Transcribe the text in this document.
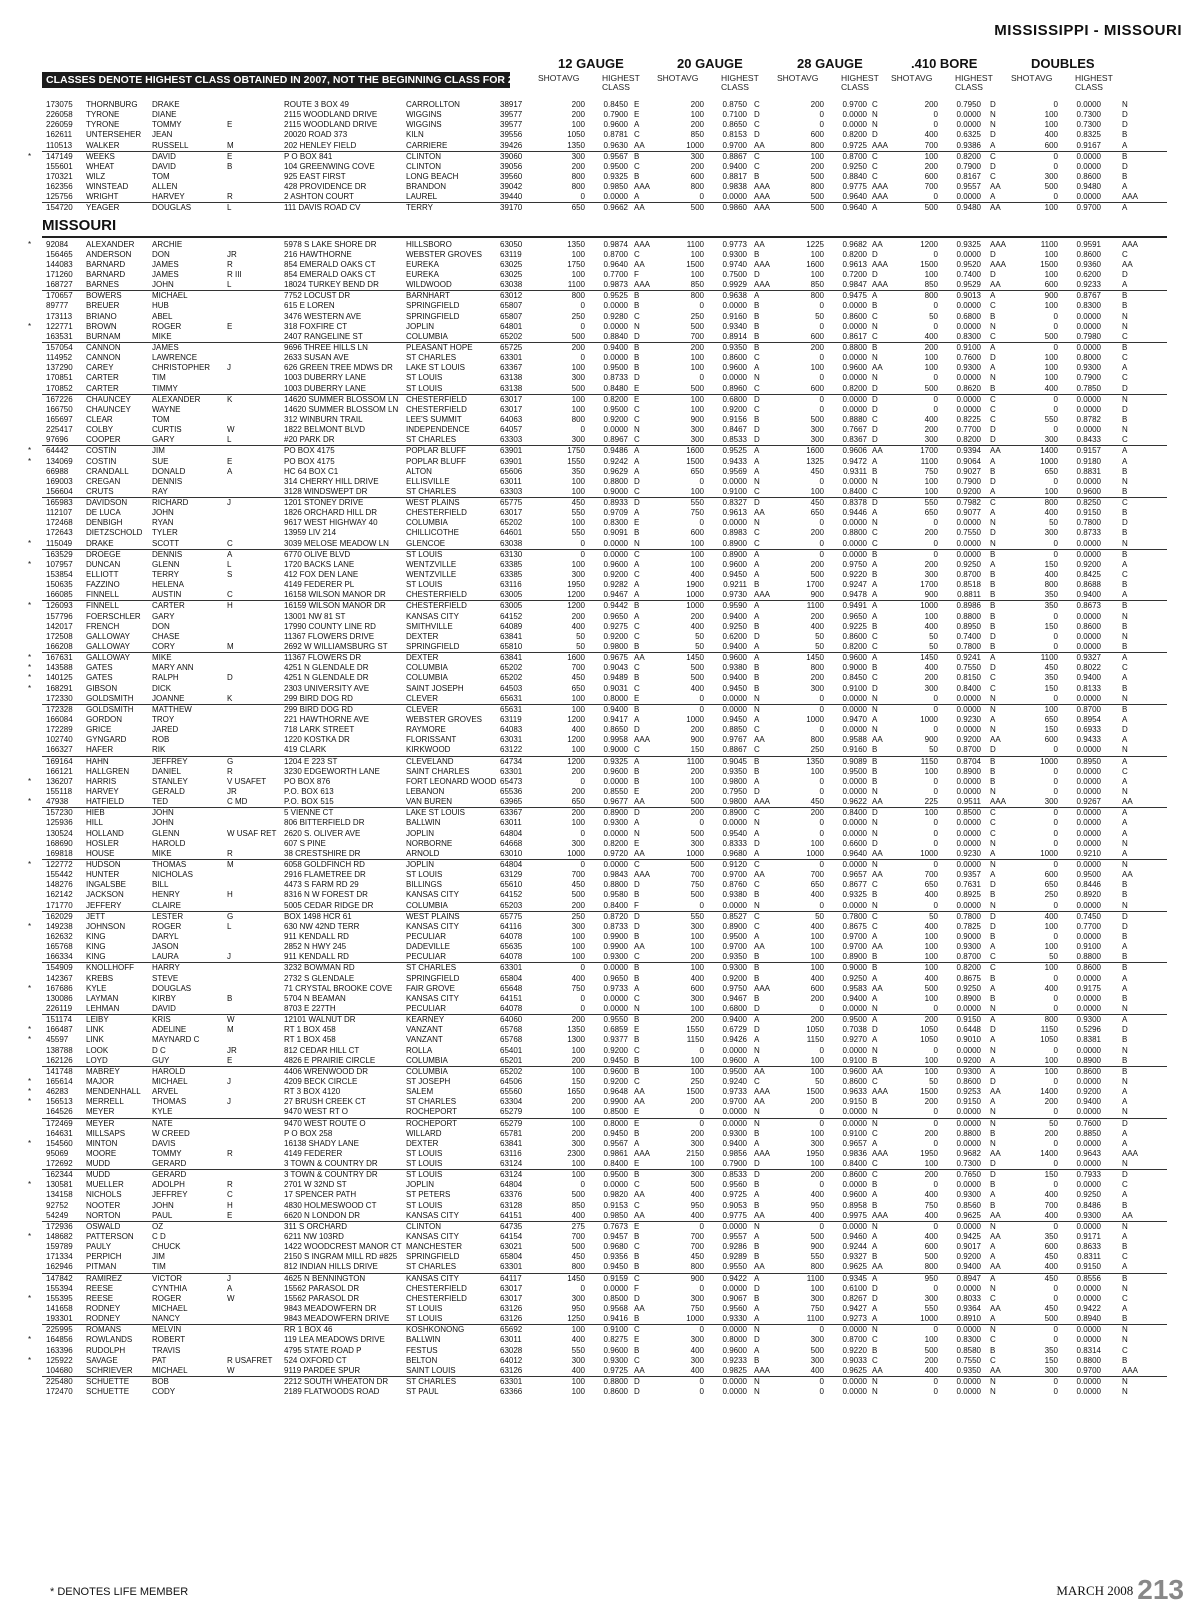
MISSISSIPPI - MISSOURI
CLASSES DENOTE HIGHEST CLASS OBTAINED IN 2007, NOT THE BEGINNING CLASS FOR 2008.
12 GAUGE
SHOT AVG	HIGHEST CLASS
20 GAUGE
SHOT AVG	HIGHEST CLASS
28 GAUGE
SHOT AVG	HIGHEST CLASS
.410 BORE
SHOT AVG	HIGHEST CLASS
DOUBLES
SHOT AVG	HIGHEST CLASS
173075	THORNBURG	DRAKE	ROUTE 3 BOX 49	CARROLLTON	38917	200	0.8450 E	200	0.8750 C	200	0.9700 C	200	0.7950 D	0	0.0000	N
226058	TYRONE	DIANE	2115 WOODLAND DRIVE	WIGGINS	39577	200	0.7900 E	100	0.7100 D	0	0.0000 N	0	0.0000 N	100	0.7300	D
226059	TYRONE	TOMMY	E	2115 WOODLAND DRIVE	WIGGINS	39577	100	0.9600 A	200	0.8650 C	0	0.0000 N	0	0.0000 N	100	0.7300	D
162611	UNTERSEHER	JEAN	20020 ROAD 373	KILN	39556	1050	0.8781 C	850	0.8153 D	600	0.8200 D	400	0.6325 D	400	0.8325	B
110513	WALKER	RUSSELL	M	202 HENLEY FIELD	CARRIERE	39426	1350	0.9630 AA	1000	0.9700 AA	800	0.9725 AAA	700	0.9386 A	600	0.9167	A
* 147149	WEEKS	DAVID	E	P O BOX 841	CLINTON	39060	300	0.9567 B	300	0.8867 C	100	0.8700 C	100	0.8200 C	0	0.0000	B
155601	WHEAT	DAVID	B	104 GREENWING COVE	CLINTON	39056	200	0.9500 C	200	0.9400 C	200	0.9250 C	200	0.7900 D	0	0.0000	D
170321	WILZ	TOM	925 EAST FIRST	LONG BEACH	39560	800	0.9325 B	600	0.8817 B	500	0.8840 C	600	0.8167 C	300	0.8600	B
162356	WINSTEAD	ALLEN	428 PROVIDENCE DR	BRANDON	39042	800	0.9850 AAA	800	0.9838 AAA	800	0.9775 AAA	700	0.9557 AA	500	0.9480	A
125756	WRIGHT	HARVEY	R	2 ASHTON COURT	LAUREL	39440	0	0.0000 A	0	0.0000 AAA	500	0.9640 AAA	0	0.0000 A	0	0.0000	AAA
154720	YEAGER	DOUGLAS	L	111 DAVIS ROAD CV	TERRY	39170	650	0.9662 AA	500	0.9860 AAA	500	0.9640 A	500	0.9480 AA	100	0.9700	A
MISSOURI
* 92084	ALEXANDER	ARCHIE	5978 S LAKE SHORE DR	HILLSBORO	63050	1350	0.9874 AAA	1100	0.9773 AA	1225	0.9682 AA	1200	0.9325 AAA	1100	0.9591	AAA
156465	ANDERSON	DON	JR	216 HAWTHORNE	WEBSTER GROVES	63119	100	0.8700 C	100	0.9300 B	100	0.8200 D	0	0.0000 D	100	0.8600	C
144083	BARNARD	JAMES	R	854 EMERALD OAKS CT	EUREKA	63025	1750	0.9640 AA	1500	0.9740 AAA	1600	0.9613 AAA	1500	0.9520 AAA	1500	0.9360	AA
171260	BARNARD	JAMES	R III	854 EMERALD OAKS CT	EUREKA	63025	100	0.7700 F	100	0.7500 D	100	0.7200 D	100	0.7400 D	100	0.6200	D
168727	BARNES	JOHN	L	18024 TURKEY BEND DR	WILDWOOD	63038	1100	0.9873 AAA	850	0.9929 AAA	850	0.9847 AAA	850	0.9529 AA	600	0.9233	A
170657	BOWERS	MICHAEL	7752 LOCUST DR	BARNHART	63012	800	0.9525 B	800	0.9638 A	800	0.9475 A	800	0.9013 A	900	0.8767	B
89777	BREUER	HUB	615 E LOREN	SPRINGFIELD	65807	0	0.0000 B	0	0.0000 B	0	0.0000 B	0	0.0000 C	100	0.8300	B
173113	BRIANO	ABEL	3476 WESTERN AVE	SPRINGFIELD	65807	250	0.9280 C	250	0.9160 B	50	0.8600 C	50	0.6800 B	0	0.0000	N
* 122771	BROWN	ROGER	E	318 FOXFIRE CT	JOPLIN	64801	0	0.0000 N	500	0.9340 B	0	0.0000 N	0	0.0000 N	0	0.0000	N
163531	BURNAM	MIKE	2407 RANGELINE ST	COLUMBIA	65202	500	0.8840 D	700	0.8914 B	600	0.8617 C	400	0.8300 C	500	0.7980	C
157054	CANNON	JAMES	9696 THREE HILLS LN	PLEASANT HOPE	65725	200	0.9400 B	200	0.9350 B	200	0.8800 B	200	0.9100 A	0	0.0000	B
114952	CANNON	LAWRENCE	2633 SUSAN AVE	ST CHARLES	63301	0	0.0000 B	100	0.8600 C	0	0.0000 N	100	0.7600 D	100	0.8000	C
137290	CAREY	CHRISTOPHER	J	626 GREEN TREE MDWS DR	LAKE ST LOUIS	63367	100	0.9500 B	100	0.9600 A	100	0.9600 AA	100	0.9300 A	100	0.9300	A
170851	CARTER	TIM	1003 DUBERRY LANE	ST LOUIS	63138	300	0.8733 D	0	0.0000 N	0	0.0000 N	0	0.0000 N	100	0.7900	C
170852	CARTER	TIMMY	1003 DUBERRY LANE	ST LOUIS	63138	500	0.8480 E	500	0.8960 C	600	0.8200 D	500	0.8620 B	400	0.7850	D
167226	CHAUNCEY	ALEXANDER	K	14620 SUMMER BLOSSOM LN CHESTERFIELD	63017	100	0.8200 E	100	0.6800 D	0	0.0000 D	0	0.0000 C	0	0.0000	N
166750	CHAUNCEY	WAYNE	14620 SUMMER BLOSSOM LN CHESTERFIELD	63017	100	0.9500 C	100	0.9200 C	0	0.0000 D	0	0.0000 C	0	0.0000	D
165697	CLEAR	TOM	312 WINBURN TRAIL	LEE'S SUMMIT	64063	800	0.9200 C	900	0.9156 B	500	0.8880 C	400	0.8225 C	550	0.8782	B
225417	COLBY	CURTIS	W	1822 BELMONT BLVD	INDEPENDENCE	64057	0	0.0000 N	300	0.8467 D	300	0.7667 D	200	0.7700 D	0	0.0000	N
97696	COOPER	GARY	L	#20 PARK DR	ST CHARLES	63303	300	0.8967 C	300	0.8533 D	300	0.8367 D	300	0.8200 D	300	0.8433	C
* 64442	COSTIN	JIM	PO BOX 4175	POPLAR BLUFF	63901	1750	0.9486 A	1600	0.9525 A	1600	0.9606 AA	1700	0.9394 AA	1400	0.9157	A
* 134069	COSTIN	SUE	E	PO BOX 4175	POPLAR BLUFF	63901	1550	0.9242 A	1500	0.9433 A	1325	0.9472 A	1100	0.9064 A	1000	0.9180	A
66988	CRANDALL	DONALD	A	HC 64 BOX C1	ALTON	65606	350	0.9629 A	650	0.9569 A	450	0.9311 B	750	0.9027 B	650	0.8831	B
169003	CREGAN	DENNIS	314 CHERRY HILL DRIVE	ELLISVILLE	63011	100	0.8800 D	0	0.0000 N	0	0.0000 N	100	0.7900 D	0	0.0000	N
156604	CRUTS	RAY	3128 WINDSWEPT DR	ST CHARLES	63303	100	0.9000 C	100	0.9100 C	100	0.8400 C	100	0.9200 A	100	0.9600	B
165983	DAVIDSON	RICHARD	J	1201 STONEY DRIVE	WEST PLAINS	65775	450	0.8933 D	550	0.8327 D	450	0.8378 D	550	0.7982 C	800	0.8250	C
112107	DE LUCA	JOHN	1826 ORCHARD HILL DR	CHESTERFIELD	63017	550	0.9709 A	750	0.9613 AA	650	0.9446 A	650	0.9077 A	400	0.9150	B
172468	DENBIGH	RYAN	9617 WEST HIGHWAY 40	COLUMBIA	65202	100	0.8300 E	0	0.0000 N	0	0.0000 N	0	0.0000 N	50	0.7800	D
172643	DIETZSCHOLD	TYLER	13959 LIV 214	CHILLICOTHE	64601	550	0.9091 B	600	0.8983 C	200	0.8800 C	200	0.7550 D	300	0.8733	B
* 115049	DRAKE	SCOTT	C	3039 MELOSE MEADOW LN	GLENCOE	63038	0	0.0000 N	100	0.8900 C	0	0.0000 C	0	0.0000 N	0	0.0000	N
163529	DROEGE	DENNIS	A	6770 OLIVE BLVD	ST LOUIS	63130	0	0.0000 C	100	0.8900 A	0	0.0000 B	0	0.0000 B	0	0.0000	B
* 107957	DUNCAN	GLENN	L	1720 BACKS LANE	WENTZVILLE	63385	100	0.9600 A	100	0.9600 A	200	0.9750 A	200	0.9250 A	150	0.9200	A
153854	ELLIOTT	TERRY	S	412 FOX DEN LANE	WENTZVILLE	63385	300	0.9200 C	400	0.9450 A	500	0.9220 B	300	0.8700 B	400	0.8425	C
150635	FAZZINO	HELENA	4149 FEDERER PL	ST LOUIS	63116	1950	0.9282 A	1900	0.9211 B	1700	0.9247 A	1700	0.8518 B	800	0.8688	B
166085	FINNELL	AUSTIN	C	16158 WILSON MANOR DR	CHESTERFIELD	63005	1200	0.9467 A	1000	0.9730 AAA	900	0.9478 A	900	0.8811 B	350	0.9400	A
* 126093	FINNELL	CARTER	H	16159 WILSON MANOR DR	CHESTERFIELD	63005	1200	0.9442 B	1000	0.9590 A	1100	0.9491 A	1000	0.8986 B	350	0.8673	B
157796	FOERSCHLER	GARY	13001 NW 81 ST	KANSAS CITY	64152	200	0.9650 A	200	0.9400 A	200	0.9650 A	100	0.8800 B	0	0.0000	N
142017	FRENCH	DON	17990 COUNTY LINE RD	SMITHVILLE	64089	400	0.9275 C	400	0.9250 B	400	0.9225 B	400	0.8950 B	150	0.8600	B
172508	GALLOWAY	CHASE	11367 FLOWERS DRIVE	DEXTER	63841	50	0.9200 C	50	0.6200 D	50	0.8600 C	50	0.7400 D	0	0.0000	N
166208	GALLOWAY	CORY	M	2692 W WILLIAMSBURG ST	SPRINGFIELD	65810	50	0.9800 B	50	0.9400 A	50	0.8200 C	50	0.7800 B	0	0.0000	B
* 167631	GALLOWAY	MIKE	11367 FLOWERS DR	DEXTER	63841	1600	0.9675 AA	1450	0.9600 A	1450	0.9600 A	1450	0.9241 A	1100	0.9327	A
* 143588	GATES	MARY ANN	4251 N GLENDALE DR	COLUMBIA	65202	700	0.9043 C	500	0.9380 B	800	0.9000 B	400	0.7550 D	450	0.8022	C
* 140125	GATES	RALPH	D	4251 N GLENDALE DR	COLUMBIA	65202	450	0.9489 B	500	0.9400 B	200	0.8450 C	200	0.8150 C	350	0.9400	A
* 168291	GIBSON	DICK	2303 UNIVERSITY AVE	SAINT JOSEPH	64503	650	0.9031 C	400	0.9450 B	300	0.9100 D	300	0.8400 C	150	0.8133	B
172330	GOLDSMITH	JOANNE	K	299 BIRD DOG RD	CLEVER	65631	100	0.8000 E	0	0.0000 N	0	0.0000 N	0	0.0000 N	0	0.0000	N
172328	GOLDSMITH	MATTHEW	299 BIRD DOG RD	CLEVER	65631	100	0.9400 B	0	0.0000 N	0	0.0000 N	0	0.0000 N	100	0.8700	B
166084	GORDON	TROY	221 HAWTHORNE AVE	WEBSTER GROVES	63119	1200	0.9417 A	1000	0.9450 A	1000	0.9470 A	1000	0.9230 A	650	0.8954	A
172289	GRICE	JARED	718 LARK STREET	RAYMORE	64083	400	0.8650 D	200	0.8850 C	0	0.0000 N	0	0.0000 N	150	0.6933	D
102740	GYNGARD	ROB	1220 KOSTKA DR	FLORISSANT	63031	1200	0.9958 AAA	900	0.9767 AA	800	0.9588 AA	900	0.9200 AA	600	0.9433	A
166327	HAFER	RIK	419 CLARK	KIRKWOOD	63122	100	0.9000 C	150	0.8867 C	250	0.9160 B	50	0.8700 D	0	0.0000	N
169164	HAHN	JEFFREY	G	1204 E 223 ST	CLEVELAND	64734	1200	0.9325 A	1100	0.9045 B	1350	0.9089 B	1150	0.8704 B	1000	0.8950	A
166121	HALLGREN	DANIEL	R	3230 EDGEWORTH LANE	SAINT CHARLES	63301	200	0.9600 B	200	0.9350 B	100	0.9500 B	100	0.8900 B	0	0.0000	C
* 136207	HARRIS	STANLEY	V USAFET PO BOX 876	FORT LEONARD WOOD 65473	0	0.0000 B	100	0.9800 A	0	0.0000 B	0	0.0000 B	0	0.0000	A
155118	HARVEY	GERALD	JR	P.O. BOX 613	LEBANON	65536	200	0.8550 E	200	0.7950 D	0	0.0000 N	0	0.0000 N	0	0.0000	N
* 47938	HATFIELD	TED	C MD	P.O. BOX 515	VAN BUREN	63965	650	0.9677 AA	500	0.9800 AAA	450	0.9622 AA	225	0.9511 AAA	300	0.9267	AA
157230	HIEB	JOHN	5 VIENNE CT	LAKE ST LOUIS	63367	200	0.8900 D	200	0.8900 C	200	0.8400 D	100	0.8500 C	0	0.0000	A
125936	HILL	JOHN	806 BITTERFIELD DR	BALLWIN	63011	100	0.9300 A	0	0.0000 N	0	0.0000 N	0	0.0000 C	0	0.0000	A
130524	HOLLAND	GLENN	W USAF RET 2620 S. OLIVER AVE	JOPLIN	64804	0	0.0000 N	500	0.9540 A	0	0.0000 N	0	0.0000 C	0	0.0000	A
168690	HOSLER	HAROLD	607 S PINE	NORBORNE	64668	300	0.8200 E	300	0.8333 D	100	0.6600 D	0	0.0000 N	0	0.0000	N
169818	HOUSE	MIKE	R	38 CRESTSHIRE DR	ARNOLD	63010	1000	0.9720 AA	1000	0.9680 A	1000	0.9640 AA	1000	0.9230 A	1000	0.9210	A
* 122772	HUDSON	THOMAS	M	6058 GOLDFINCH RD	JOPLIN	64804	0	0.0000 C	500	0.9120 C	0	0.0000 N	0	0.0000 N	0	0.0000	N
155442	HUNTER	NICHOLAS	2916 FLAMETREE DR	ST LOUIS	63129	700	0.9843 AAA	700	0.9700 AA	700	0.9657 AA	700	0.9357 A	600	0.9500	AA
148276	INGALSBE	BILL	4473 S FARM RD 29	BILLINGS	65610	450	0.8800 D	750	0.8760 C	650	0.8677 C	650	0.7631 D	650	0.8446	B
162142	JACKSON	HENRY	H	8316 N W FOREST DR	KANSAS CITY	64152	500	0.9580 B	500	0.9380 B	400	0.9325 B	400	0.8925 B	250	0.8920	B
171770	JEFFERY	CLAIRE	5005 CEDAR RIDGE DR	COLUMBIA	65203	200	0.8400 F	0	0.0000 N	0	0.0000 N	0	0.0000 N	0	0.0000	N
162029	JETT	LESTER	G	BOX 1498 HCR 61	WEST PLAINS	65775	250	0.8720 D	550	0.8527 C	50	0.7800 C	50	0.7800 D	400	0.7450	D
* 149238	JOHNSON	ROGER	L	630 NW 42ND TERR	KANSAS CITY	64116	300	0.8733 D	300	0.8900 C	400	0.8675 C	400	0.7825 D	100	0.7700	D
162632	KING	DARYL	911 KENDALL RD	PECULIAR	64078	100	0.9900 B	100	0.9500 A	100	0.9700 A	100	0.9000 B	0	0.0000	B
165768	KING	JASON	2852 N HWY 245	DADEVILLE	65635	100	0.9900 AA	100	0.9700 AA	100	0.9700 AA	100	0.9300 A	100	0.9100	A
166334	KING	LAURA	J	911 KENDALL RD	PECULIAR	64078	100	0.9300 C	200	0.9350 B	100	0.8900 B	100	0.8700 C	50	0.8800	B
154909	KNOLLHOFF	HARRY	3232 BOWMAN RD	ST CHARLES	63301	0	0.0000 B	100	0.9300 B	100	0.9000 B	100	0.8200 C	100	0.8600	B
142367	KREBS	STEVE	2732 S GLENDALE	SPRINGFIELD	65804	400	0.9650 B	400	0.9200 B	400	0.9250 A	400	0.8675 B	0	0.0000	A
* 167686	KYLE	DOUGLAS	71 CRYSTAL BROOKE COVE	FAIR GROVE	65648	750	0.9733 A	600	0.9750 AAA	600	0.9583 AA	500	0.9250 A	400	0.9175	A
130086	LAYMAN	KIRBY	B	5704 N BEAMAN	KANSAS CITY	64151	0	0.0000 C	300	0.9467 B	200	0.9400 A	100	0.8900 B	0	0.0000	B
226119	LEHMAN	DAVID	8703 E 227TH	PECULIAR	64078	0	0.0000 N	100	0.6800 D	0	0.0000 N	0	0.0000 N	0	0.0000	N
151174	LEIBY	KRIS	W	12101 WALNUT DR	KEARNEY	64060	200	0.9550 B	200	0.9400 A	200	0.9500 A	200	0.9150 A	800	0.9300	A
* 166487	LINK	ADELINE	M	RT 1 BOX 458	VANZANT	65768	1350	0.6859 E	1550	0.6729 D	1050	0.7038 D	1050	0.6448 D	1150	0.5296	D
* 45597	LINK	MAYNARD C	RT 1 BOX 458	VANZANT	65768	1300	0.9377 B	1150	0.9426 A	1150	0.9270 A	1050	0.9010 A	1050	0.8381	B
138788	LOOK	D C	JR	812 CEDAR HILL CT	ROLLA	65401	100	0.9200 C	0	0.0000 N	0	0.0000 N	0	0.0000 N	0	0.0000	N
162126	LOYD	GUY	E	4826 E PRAIRIE CIRCLE	COLUMBIA	65201	200	0.9450 B	100	0.9600 A	100	0.9100 B	100	0.9200 A	100	0.8900	B
141748	MABREY	HAROLD	4406 WRENWOOD DR	COLUMBIA	65202	100	0.9600 B	100	0.9500 AA	100	0.9600 AA	100	0.9300 A	100	0.8600	B
* 165614	MAJOR	MICHAEL	J	4209 BECK CIRCLE	ST JOSEPH	64506	150	0.9200 C	250	0.9240 C	50	0.8600 C	50	0.8600 D	0	0.0000	N
* 46283	MENDENHALL	ARVEL	RT 3 BOX 4120	SALEM	65560	1650	0.9648 AA	1500	0.9733 AAA	1500	0.9633 AAA	1500	0.9253 AA	1400	0.9200	A
* 156513	MERRELL	THOMAS	J	27 BRUSH CREEK CT	ST CHARLES	63304	200	0.9900 AA	200	0.9700 AA	200	0.9150 B	200	0.9150 A	200	0.9400	A
164526	MEYER	KYLE	9470 WEST RT O	ROCHEPORT	65279	100	0.8500 E	0	0.0000 N	0	0.0000 N	0	0.0000 N	0	0.0000	N
172469	MEYER	NATE	9470 WEST ROUTE O	ROCHEPORT	65279	100	0.8000 E	0	0.0000 N	0	0.0000 N	0	0.0000 N	50	0.7600	D
164631	MILLSAPS	W CREED	P O BOX 258	WILLARD	65781	200	0.9450 B	200	0.9300 B	100	0.9100 C	200	0.8800 B	200	0.8850	A
* 154560	MINTON	DAVIS	16138 SHADY LANE	DEXTER	63841	300	0.9567 A	300	0.9400 A	300	0.9657 A	0	0.0000 N	0	0.0000	A
95069	MOORE	TOMMY	R	4149 FEDERER	ST LOUIS	63116	2300	0.9861 AAA	2150	0.9856 AAA	1950	0.9836 AAA	1950	0.9682 AA	1400	0.9643	AAA
172692	MUDD	GERARD	3 TOWN & COUNTRY DR	ST LOUIS	63124	100	0.8400 E	100	0.7900 D	100	0.8400 C	100	0.7300 D	0	0.0000	N
162344	MUDD	GERARD	3 TOWN & COUNTRY DR	ST LOUIS	63124	100	0.9500 B	300	0.8533 D	200	0.8600 C	200	0.7650 D	150	0.7933	D
* 130581	MUELLER	ADOLPH	R	2701 W 32ND ST	JOPLIN	64804	0	0.0000 C	500	0.9560 B	0	0.0000 B	0	0.0000 B	0	0.0000	C
134158	NICHOLS	JEFFREY	C	17 SPENCER PATH	ST PETERS	63376	500	0.9820 AA	400	0.9725 A	400	0.9600 A	400	0.9300 A	400	0.9250	A
92752	NOOTER	JOHN	H	4830 HOLMESWOOD CT	ST LOUIS	63128	850	0.9153 C	950	0.9053 B	950	0.8958 B	750	0.8560 B	700	0.8486	B
54249	NORTON	PAUL	E	6620 N LONDON DR	KANSAS CITY	64151	400	0.9850 AA	400	0.9775 AA	400	0.9975 AAA	400	0.9625 AA	400	0.9300	AA
172936	OSWALD	OZ	311 S ORCHARD	CLINTON	64735	275	0.7673 E	0	0.0000 N	0	0.0000 N	0	0.0000 N	0	0.0000	N
* 148682	PATTERSON	C D	6211 NW 103RD	KANSAS CITY	64154	700	0.9457 B	700	0.9557 A	500	0.9460 A	400	0.9425 AA	350	0.9171	A
159789	PAULY	CHUCK	1422 WOODCREST MANOR CT MANCHESTER	63021	500	0.9680 C	700	0.9286 B	900	0.9244 A	600	0.9017 A	600	0.8633	B
171334	PERPICH	JIM	2150 S INGRAM MILL RD #825	SPRINGFIELD	65804	450	0.9356 B	450	0.9289 B	550	0.9327 B	500	0.9200 A	450	0.8311	C
162946	PITMAN	TIM	812 INDIAN HILLS DRIVE	ST CHARLES	63301	800	0.9450 B	800	0.9550 AA	800	0.9625 AA	800	0.9400 AA	400	0.9150	A
147842	RAMIREZ	VICTOR	J	4625 N BENNINGTON	KANSAS CITY	64117	1450	0.9159 C	900	0.9422 A	1100	0.9345 A	950	0.8947 A	450	0.8556	B
155394	REESE	CYNTHIA	A	15562 PARASOL DR	CHESTERFIELD	63017	0	0.0000 F	0	0.0000 D	100	0.6100 D	0	0.0000 N	0	0.0000	N
* 155395	REESE	ROGER	W	15562 PARASOL DR	CHESTERFIELD	63017	300	0.8500 D	300	0.9067 B	300	0.8267 D	300	0.8033 C	0	0.0000	C
141658	RODNEY	MICHAEL	9843 MEADOWFERN DR	ST LOUIS	63126	950	0.9568 AA	750	0.9560 A	750	0.9427 A	550	0.9364 AA	450	0.9422	A
193301	RODNEY	NANCY	9843 MEADOWFERN DRIVE	ST LOUIS	63126	1250	0.9416 B	1000	0.9330 A	1100	0.9273 A	1000	0.8910 A	500	0.8940	B
225995	ROMANS	MELVIN	RR 1 BOX 46	KOSHKONONG	65692	100	0.9100 C	0	0.0000 N	0	0.0000 N	0	0.0000 N	0	0.0000	N
* 164856	ROWLANDS	ROBERT	119 LEA MEADOWS DRIVE	BALLWIN	63011	400	0.8275 E	300	0.8000 D	300	0.8700 C	100	0.8300 C	0	0.0000	N
163396	RUDOLPH	TRAVIS	4795 STATE ROAD P	FESTUS	63028	550	0.9600 B	400	0.9600 A	500	0.9220 B	500	0.8580 B	350	0.8314	C
* 125922	SAVAGE	PAT	R USAFRET 524 OXFORD CT	BELTON	64012	300	0.9300 C	300	0.9233 B	300	0.9033 C	200	0.7550 C	150	0.8800	B
104680	SCHRIEVER	MICHAEL	W	9119 PARDEE SPUR	SAINT LOUIS	63126	400	0.9725 AA	400	0.9825 AAA	400	0.9625 AA	400	0.9350 AA	300	0.9700	AAA
225480	SCHUETTE	BOB	2212 SOUTH WHEATON DR	ST CHARLES	63301	100	0.8800 D	0	0.0000 N	0	0.0000 N	0	0.0000 N	0	0.0000	N
172470	SCHUETTE	CODY	2189 FLATWOODS ROAD	ST PAUL	63366	100	0.8600 D	0	0.0000 N	0	0.0000 N	0	0.0000 N	0	0.0000	N
* DENOTES LIFE MEMBER	MARCH 2008 213
